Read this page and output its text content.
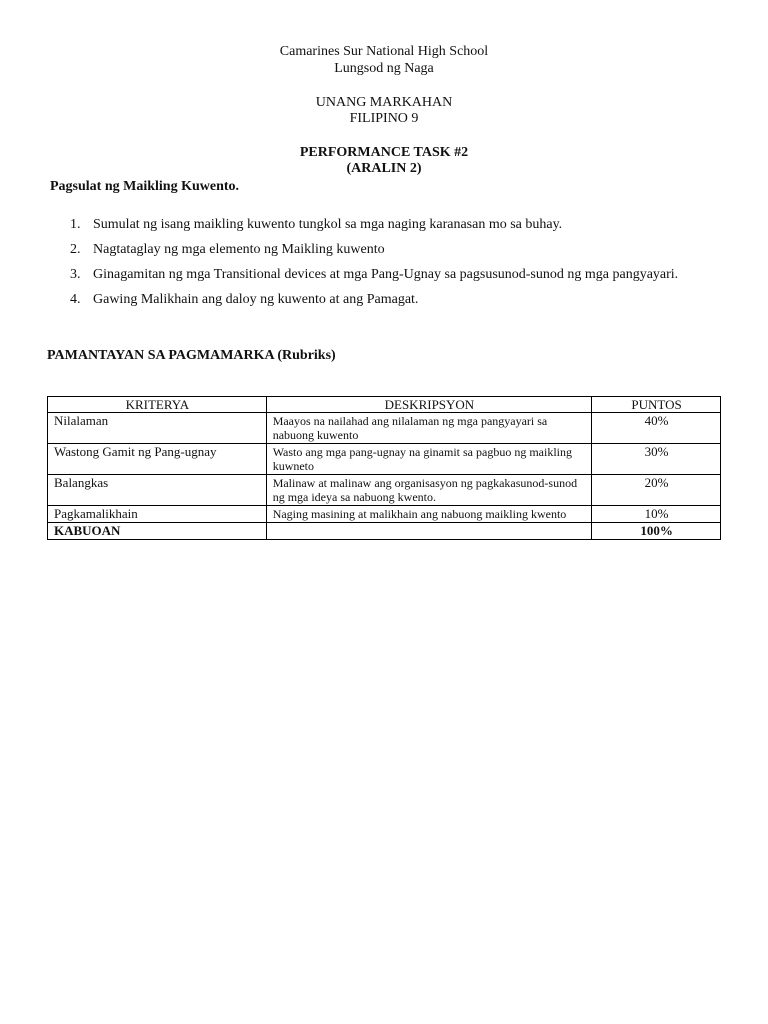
Camarines Sur National High School
Lungsod ng Naga
UNANG MARKAHAN
FILIPINO 9
PERFORMANCE TASK #2
(ARALIN 2)
Pagsulat ng Maikling Kuwento.
1. Sumulat ng isang maikling kuwento tungkol sa mga naging karanasan mo sa buhay.
2. Nagtataglay ng mga elemento ng Maikling kuwento
3. Ginagamitan ng mga Transitional devices at mga Pang-Ugnay sa pagsusunod-sunod ng mga pangyayari.
4. Gawing Malikhain ang daloy ng kuwento at ang Pamagat.
PAMANTAYAN SA PAGMAMARKA (Rubriks)
KRITERYA	DESKRIPSYON	PUNTOS
Nilalaman	Maayos na nailahad ang nilalaman ng mga pangyayari sa nabuong kuwento	40%
Wastong Gamit ng Pang-ugnay	Wasto ang mga pang-ugnay na ginamit sa pagbuo ng maikling kuwneto	30%
Balangkas	Malinaw at malinaw ang organisasyon ng pagkakasunod-sunod ng mga ideya sa nabuong kwento.	20%
Pagkamalikhain	Naging masining at malikhain ang nabuong maikling kwento	10%
KABUOAN		100%
